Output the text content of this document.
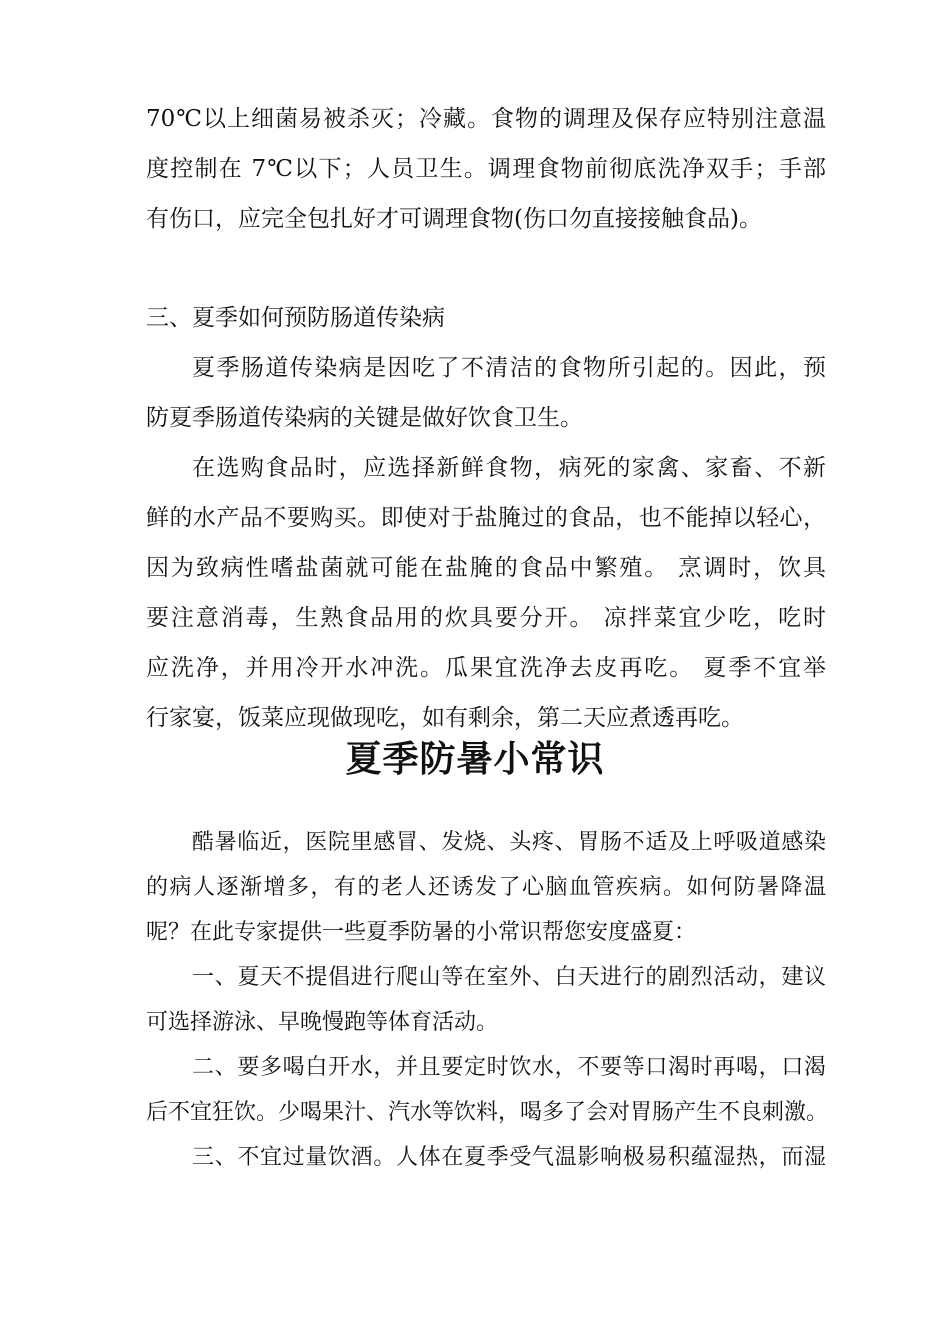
70℃以上细菌易被杀灭；冷藏。食物的调理及保存应特别注意温
度控制在 7℃以下；人员卫生。调理食物前彻底洗净双手；手部
有伤口，应完全包扎好才可调理食物(伤口勿直接接触食品)。
三、夏季如何预防肠道传染病
夏季肠道传染病是因吃了不清洁的食物所引起的。因此，预
防夏季肠道传染病的关键是做好饮食卫生。
在选购食品时，应选择新鲜食物，病死的家禽、家畜、不新
鲜的水产品不要购买。即使对于盐腌过的食品，也不能掉以轻心，
因为致病性嗜盐菌就可能在盐腌的食品中繁殖。 烹调时，饮具
要注意消毒，生熟食品用的炊具要分开。 凉拌菜宜少吃，吃时
应洗净，并用冷开水冲洗。瓜果宜洗净去皮再吃。 夏季不宜举
行家宴，饭菜应现做现吃，如有剩余，第二天应煮透再吃。
夏季防暑小常识
酷暑临近，医院里感冒、发烧、头疼、胃肠不适及上呼吸道感染
的病人逐渐增多，有的老人还诱发了心脑血管疾病。如何防暑降温
呢？在此专家提供一些夏季防暑的小常识帮您安度盛夏：
一、夏天不提倡进行爬山等在室外、白天进行的剧烈活动，建议
可选择游泳、早晚慢跑等体育活动。
二、要多喝白开水，并且要定时饮水，不要等口渴时再喝，口渴
后不宜狂饮。少喝果汁、汽水等饮料，喝多了会对胃肠产生不良刺激。
三、不宜过量饮酒。人体在夏季受气温影响极易积蕴湿热，而湿
